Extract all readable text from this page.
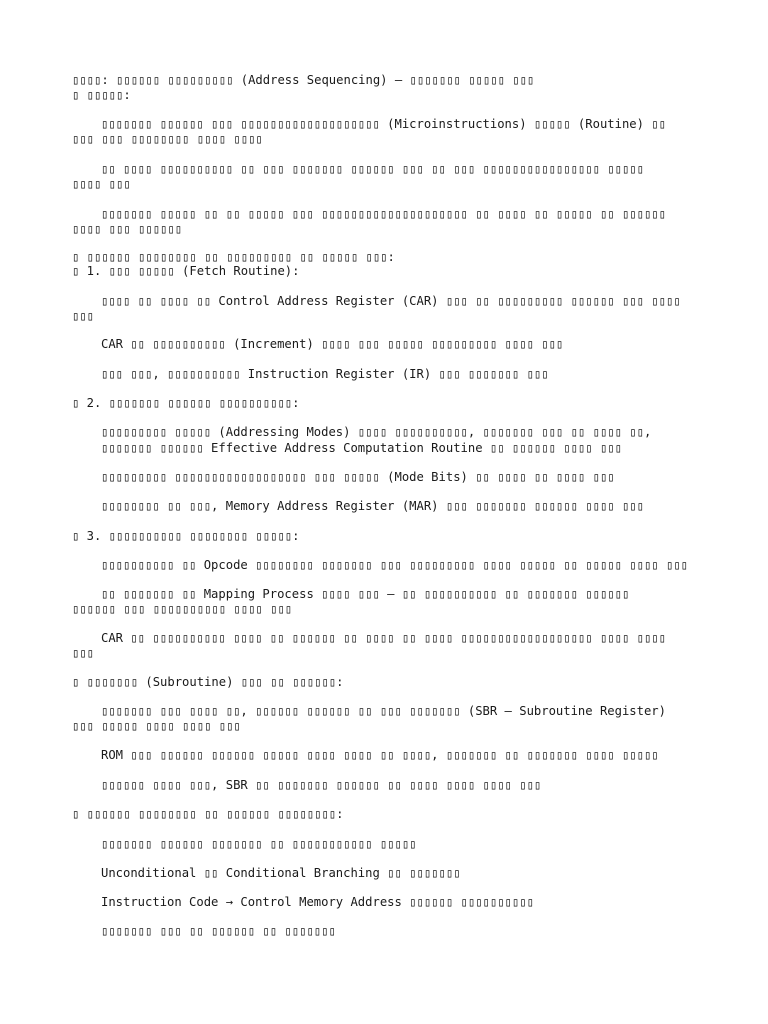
▯▯▯▯: ▯▯▯▯▯▯ ▯▯▯▯▯▯▯▯▯ (Address Sequencing) — ▯▯▯▯▯▯▯ ▯▯▯▯▯ ▯▯▯
▯ ▯▯▯▯▯:
▯▯▯▯▯▯▯ ▯▯▯▯▯▯ ▯▯▯ ▯▯▯▯▯▯▯▯▯▯▯▯▯▯▯▯▯▯▯ (Microinstructions) ▯▯▯▯▯ (Routine) ▯▯
▯▯▯ ▯▯▯ ▯▯▯▯▯▯▯▯ ▯▯▯▯ ▯▯▯▯
▯▯ ▯▯▯▯ ▯▯▯▯▯▯▯▯▯▯ ▯▯ ▯▯▯ ▯▯▯▯▯▯▯ ▯▯▯▯▯▯ ▯▯▯ ▯▯ ▯▯▯ ▯▯▯▯▯▯▯▯▯▯▯▯▯▯▯▯ ▯▯▯▯▯
▯▯▯▯ ▯▯▯
▯▯▯▯▯▯▯ ▯▯▯▯▯ ▯▯ ▯▯ ▯▯▯▯▯ ▯▯▯ ▯▯▯▯▯▯▯▯▯▯▯▯▯▯▯▯▯▯▯▯ ▯▯ ▯▯▯▯ ▯▯ ▯▯▯▯▯ ▯▯ ▯▯▯▯▯▯
▯▯▯▯ ▯▯▯ ▯▯▯▯▯▯
▯ ▯▯▯▯▯▯ ▯▯▯▯▯▯▯▯ ▯▯ ▯▯▯▯▯▯▯▯▯ ▯▯ ▯▯▯▯▯ ▯▯▯:
▯ 1. ▯▯▯ ▯▯▯▯▯ (Fetch Routine):
▯▯▯▯ ▯▯ ▯▯▯▯ ▯▯ Control Address Register (CAR) ▯▯▯ ▯▯ ▯▯▯▯▯▯▯▯▯ ▯▯▯▯▯▯ ▯▯▯ ▯▯▯▯
▯▯▯
CAR ▯▯ ▯▯▯▯▯▯▯▯▯▯ (Increment) ▯▯▯▯ ▯▯▯ ▯▯▯▯▯ ▯▯▯▯▯▯▯▯▯ ▯▯▯▯ ▯▯▯
▯▯▯ ▯▯▯, ▯▯▯▯▯▯▯▯▯▯ Instruction Register (IR) ▯▯▯ ▯▯▯▯▯▯▯ ▯▯▯
▯ 2. ▯▯▯▯▯▯▯ ▯▯▯▯▯▯ ▯▯▯▯▯▯▯▯▯▯:
▯▯▯▯▯▯▯▯▯ ▯▯▯▯▯ (Addressing Modes) ▯▯▯▯ ▯▯▯▯▯▯▯▯▯▯, ▯▯▯▯▯▯▯ ▯▯▯ ▯▯ ▯▯▯▯ ▯▯,
▯▯▯▯▯▯▯ ▯▯▯▯▯▯ Effective Address Computation Routine ▯▯ ▯▯▯▯▯▯ ▯▯▯▯ ▯▯▯
▯▯▯▯▯▯▯▯▯ ▯▯▯▯▯▯▯▯▯▯▯▯▯▯▯▯▯▯ ▯▯▯ ▯▯▯▯▯ (Mode Bits) ▯▯ ▯▯▯▯ ▯▯ ▯▯▯▯ ▯▯▯
▯▯▯▯▯▯▯▯ ▯▯ ▯▯▯, Memory Address Register (MAR) ▯▯▯ ▯▯▯▯▯▯▯ ▯▯▯▯▯▯ ▯▯▯▯ ▯▯▯
▯ 3. ▯▯▯▯▯▯▯▯▯▯ ▯▯▯▯▯▯▯▯ ▯▯▯▯▯:
▯▯▯▯▯▯▯▯▯▯ ▯▯ Opcode ▯▯▯▯▯▯▯▯ ▯▯▯▯▯▯▯ ▯▯▯ ▯▯▯▯▯▯▯▯▯ ▯▯▯▯ ▯▯▯▯▯ ▯▯ ▯▯▯▯▯ ▯▯▯▯ ▯▯▯
▯▯ ▯▯▯▯▯▯▯ ▯▯ Mapping Process ▯▯▯▯ ▯▯▯ – ▯▯ ▯▯▯▯▯▯▯▯▯▯ ▯▯ ▯▯▯▯▯▯▯ ▯▯▯▯▯▯
▯▯▯▯▯▯ ▯▯▯ ▯▯▯▯▯▯▯▯▯▯ ▯▯▯▯ ▯▯▯
CAR ▯▯ ▯▯▯▯▯▯▯▯▯▯ ▯▯▯▯ ▯▯ ▯▯▯▯▯▯ ▯▯ ▯▯▯▯ ▯▯ ▯▯▯▯ ▯▯▯▯▯▯▯▯▯▯▯▯▯▯▯▯▯▯ ▯▯▯▯ ▯▯▯▯
▯▯▯
▯ ▯▯▯▯▯▯▯ (Subroutine) ▯▯▯ ▯▯ ▯▯▯▯▯▯:
▯▯▯▯▯▯▯ ▯▯▯ ▯▯▯▯ ▯▯, ▯▯▯▯▯▯ ▯▯▯▯▯▯ ▯▯ ▯▯▯ ▯▯▯▯▯▯▯ (SBR – Subroutine Register)
▯▯▯ ▯▯▯▯▯ ▯▯▯▯ ▯▯▯▯ ▯▯▯
ROM ▯▯▯ ▯▯▯▯▯▯ ▯▯▯▯▯▯ ▯▯▯▯▯ ▯▯▯▯ ▯▯▯▯ ▯▯ ▯▯▯▯, ▯▯▯▯▯▯▯ ▯▯ ▯▯▯▯▯▯▯ ▯▯▯▯ ▯▯▯▯▯
▯▯▯▯▯▯ ▯▯▯▯ ▯▯▯, SBR ▯▯ ▯▯▯▯▯▯▯ ▯▯▯▯▯▯ ▯▯ ▯▯▯▯ ▯▯▯▯ ▯▯▯▯ ▯▯▯
▯ ▯▯▯▯▯▯ ▯▯▯▯▯▯▯▯ ▯▯ ▯▯▯▯▯▯ ▯▯▯▯▯▯▯▯:
▯▯▯▯▯▯▯ ▯▯▯▯▯▯ ▯▯▯▯▯▯▯ ▯▯ ▯▯▯▯▯▯▯▯▯▯▯ ▯▯▯▯▯
Unconditional ▯▯ Conditional Branching ▯▯ ▯▯▯▯▯▯▯
Instruction Code → Control Memory Address ▯▯▯▯▯▯ ▯▯▯▯▯▯▯▯▯▯
▯▯▯▯▯▯▯ ▯▯▯ ▯▯ ▯▯▯▯▯▯ ▯▯ ▯▯▯▯▯▯▯
